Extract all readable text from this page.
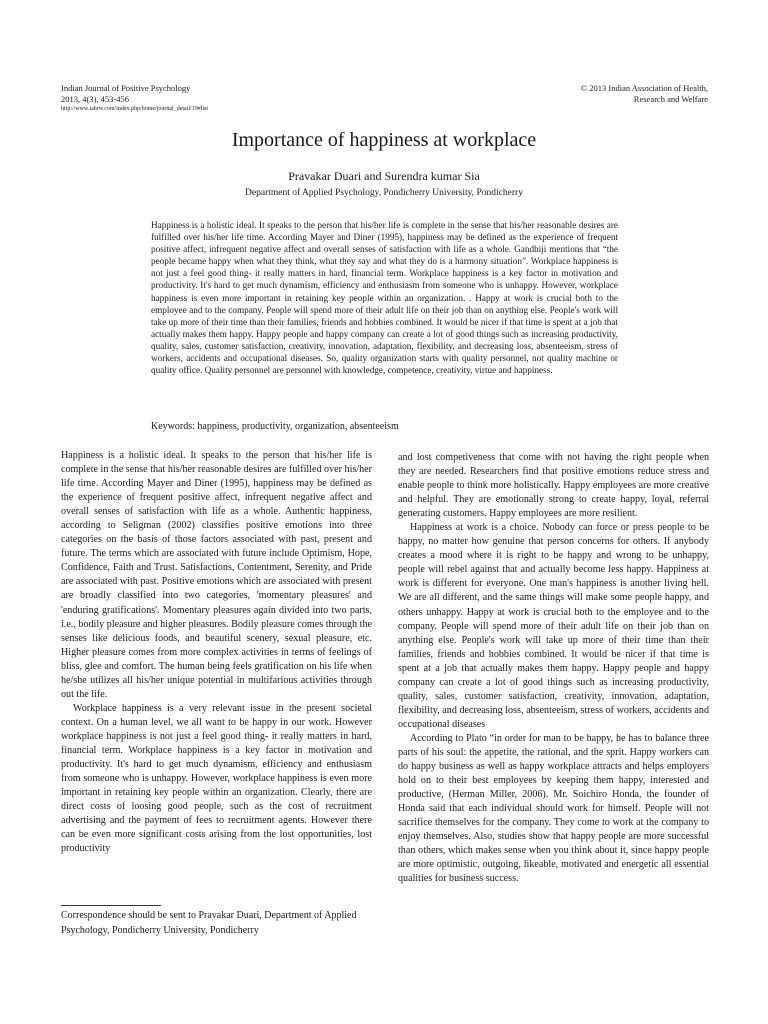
Indian Journal of Positive Psychology
2013, 4(3), 453-456
http://www.iahrw.com/index.php/home/journal_detail/19#list
© 2013 Indian Association of Health,
Research and Welfare
Importance of happiness at workplace
Pravakar Duari and Surendra kumar Sia
Department of Applied Psychology, Pondicherry University, Pondicherry

Happiness is a holistic ideal. It speaks to the person that his/her life is complete in the sense that his/her reasonable desires are fulfilled over his/her life time. According Mayer and Diner (1995), happiness may be defined as the experience of frequent positive affect, infrequent negative affect and overall senses of satisfaction with life as a whole. Gandhiji mentions that “the people became happy when what they think, what they say and what they do is a harmony situation”. Workplace happiness is not just a feel good thing- it really matters in hard, financial term. Workplace happiness is a key factor in motivation and productivity. It's hard to get much dynamism, efficiency and enthusiasm from someone who is unhappy. However, workplace happiness is even more important in retaining key people within an organization. . Happy at work is crucial both to the employee and to the company. People will spend more of their adult life on their job than on anything else. People's work will take up more of their time than their families, friends and hobbies combined. It would be nicer if that time is spent at a job that actually makes them happy. Happy people and happy company can create a lot of good things such as increasing productivity, quality, sales, customer satisfaction, creativity, innovation, adaptation, flexibility, and decreasing loss, absenteeism, stress of workers, accidents and occupational diseases. So, quality organization starts with quality personnel, not quality machine or quality office. Quality personnel are personnel with knowledge, competence, creativity, virtue and happiness.

Keywords: happiness, productivity, organization, absenteeism

Happiness is a holistic ideal. It speaks to the person that his/her life is complete in the sense that his/her reasonable desires are fulfilled over his/her life time. According Mayer and Diner (1995), happiness may be defined as the experience of frequent positive affect, infrequent negative affect and overall senses of satisfaction with life as a whole. Authentic happiness, according to Seligman (2002) classifies positive emotions into three categories on the basis of those factors associated with past, present and future. The terms which are associated with future include Optimism, Hope, Confidence, Faith and Trust. Satisfactions, Contentment, Serenity, and Pride are associated with past. Positive emotions which are associated with present are broadly classified into two categories, 'momentary pleasures' and 'enduring gratifications'. Momentary pleasures again divided into two parts, i.e., bodily pleasure and higher pleasures. Bodily pleasure comes through the senses like delicious foods, and beautiful scenery, sexual pleasure, etc. Higher pleasure comes from more complex activities in terms of feelings of bliss, glee and comfort. The human being feels gratification on his life when he/she utilizes all his/her unique potential in multifarious activities through out the life.

Workplace happiness is a very relevant issue in the present societal context. On a human level, we all want to be happy in our work. However workplace happiness is not just a feel good thing- it really matters in hard, financial term. Workplace happiness is a key factor in motivation and productivity. It's hard to get much dynamism, efficiency and enthusiasm from someone who is unhappy. However, workplace happiness is even more important in retaining key people within an organization. Clearly, there are direct costs of loosing good people, such as the cost of recruitment advertising and the payment of fees to recruitment agents. However there can be even more significant costs arising from the lost opportunities, lost productivity

and lost competiveness that come with not having the right people when they are needed. Researchers find that positive emotions reduce stress and enable people to think more holistically. Happy employees are more creative and helpful. They are emotionally strong to create happy, loyal, referral generating customers. Happy employees are more resilient.

Happiness at work is a choice. Nobody can force or press people to be happy, no matter how genuine that person concerns for others. If anybody creates a mood where it is right to be happy and wrong to be unhappy, people will rebel against that and actually become less happy. Happiness at work is different for everyone. One man's happiness is another living hell. We are all different, and the same things will make some people happy, and others unhappy. Happy at work is crucial both to the employee and to the company. People will spend more of their adult life on their job than on anything else. People's work will take up more of their time than their families, friends and hobbies combined. It would be nicer if that time is spent at a job that actually makes them happy. Happy people and happy company can create a lot of good things such as increasing productivity, quality, sales, customer satisfaction, creativity, innovation, adaptation, flexibility, and decreasing loss, absenteeism, stress of workers, accidents and occupational diseases

According to Plato “in order for man to be happy, he has to balance three parts of his soul: the appetite, the rational, and the sprit. Happy workers can do happy business as well as happy workplace attracts and helps employers hold on to their best employees by keeping them happy, interested and productive, (Herman Miller, 2006). Mr. Soichiro Honda, the founder of Honda said that each individual should work for himself. People will not sacrifice themselves for the company. They come to work at the company to enjoy themselves. Also, studies show that happy people are more successful than others, which makes sense when you think about it, since happy people are more optimistic, outgoing, likeable, motivated and energetic all essential qualities for business success.

Correspondence should be sent to Pravakar Duari, Department of Applied Psychology, Pondicherry University, Pondicherry
